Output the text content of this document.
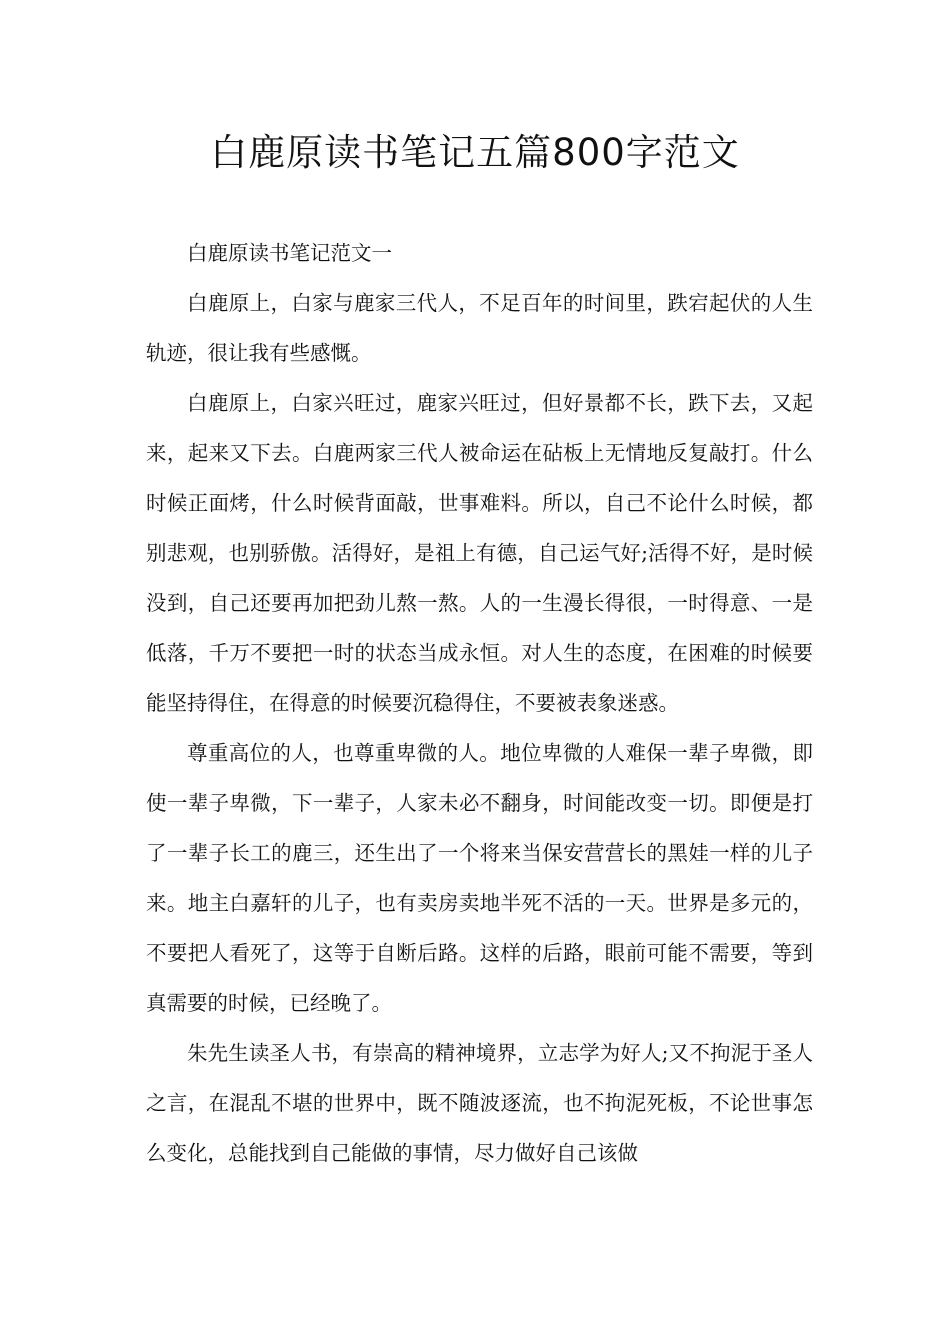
白鹿原读书笔记五篇800字范文

白鹿原读书笔记范文一

白鹿原上，白家与鹿家三代人，不足百年的时间里，跌宕起伏的人生轨迹，很让我有些感慨。

白鹿原上，白家兴旺过，鹿家兴旺过，但好景都不长，跌下去，又起来，起来又下去。白鹿两家三代人被命运在砧板上无情地反复敲打。什么时候正面烤，什么时候背面敲，世事难料。所以，自己不论什么时候，都别悲观，也别骄傲。活得好，是祖上有德，自己运气好;活得不好，是时候没到，自己还要再加把劲儿熬一熬。人的一生漫长得很，一时得意、一是低落，千万不要把一时的状态当成永恒。对人生的态度，在困难的时候要能坚持得住，在得意的时候要沉稳得住，不要被表象迷惑。

尊重高位的人，也尊重卑微的人。地位卑微的人难保一辈子卑微，即使一辈子卑微，下一辈子，人家未必不翻身，时间能改变一切。即便是打了一辈子长工的鹿三，还生出了一个将来当保安营营长的黑娃一样的儿子来。地主白嘉轩的儿子，也有卖房卖地半死不活的一天。世界是多元的，不要把人看死了，这等于自断后路。这样的后路，眼前可能不需要，等到真需要的时候，已经晚了。

朱先生读圣人书，有崇高的精神境界，立志学为好人;又不拘泥于圣人之言，在混乱不堪的世界中，既不随波逐流，也不拘泥死板，不论世事怎么变化，总能找到自己能做的事情，尽力做好自己该做
